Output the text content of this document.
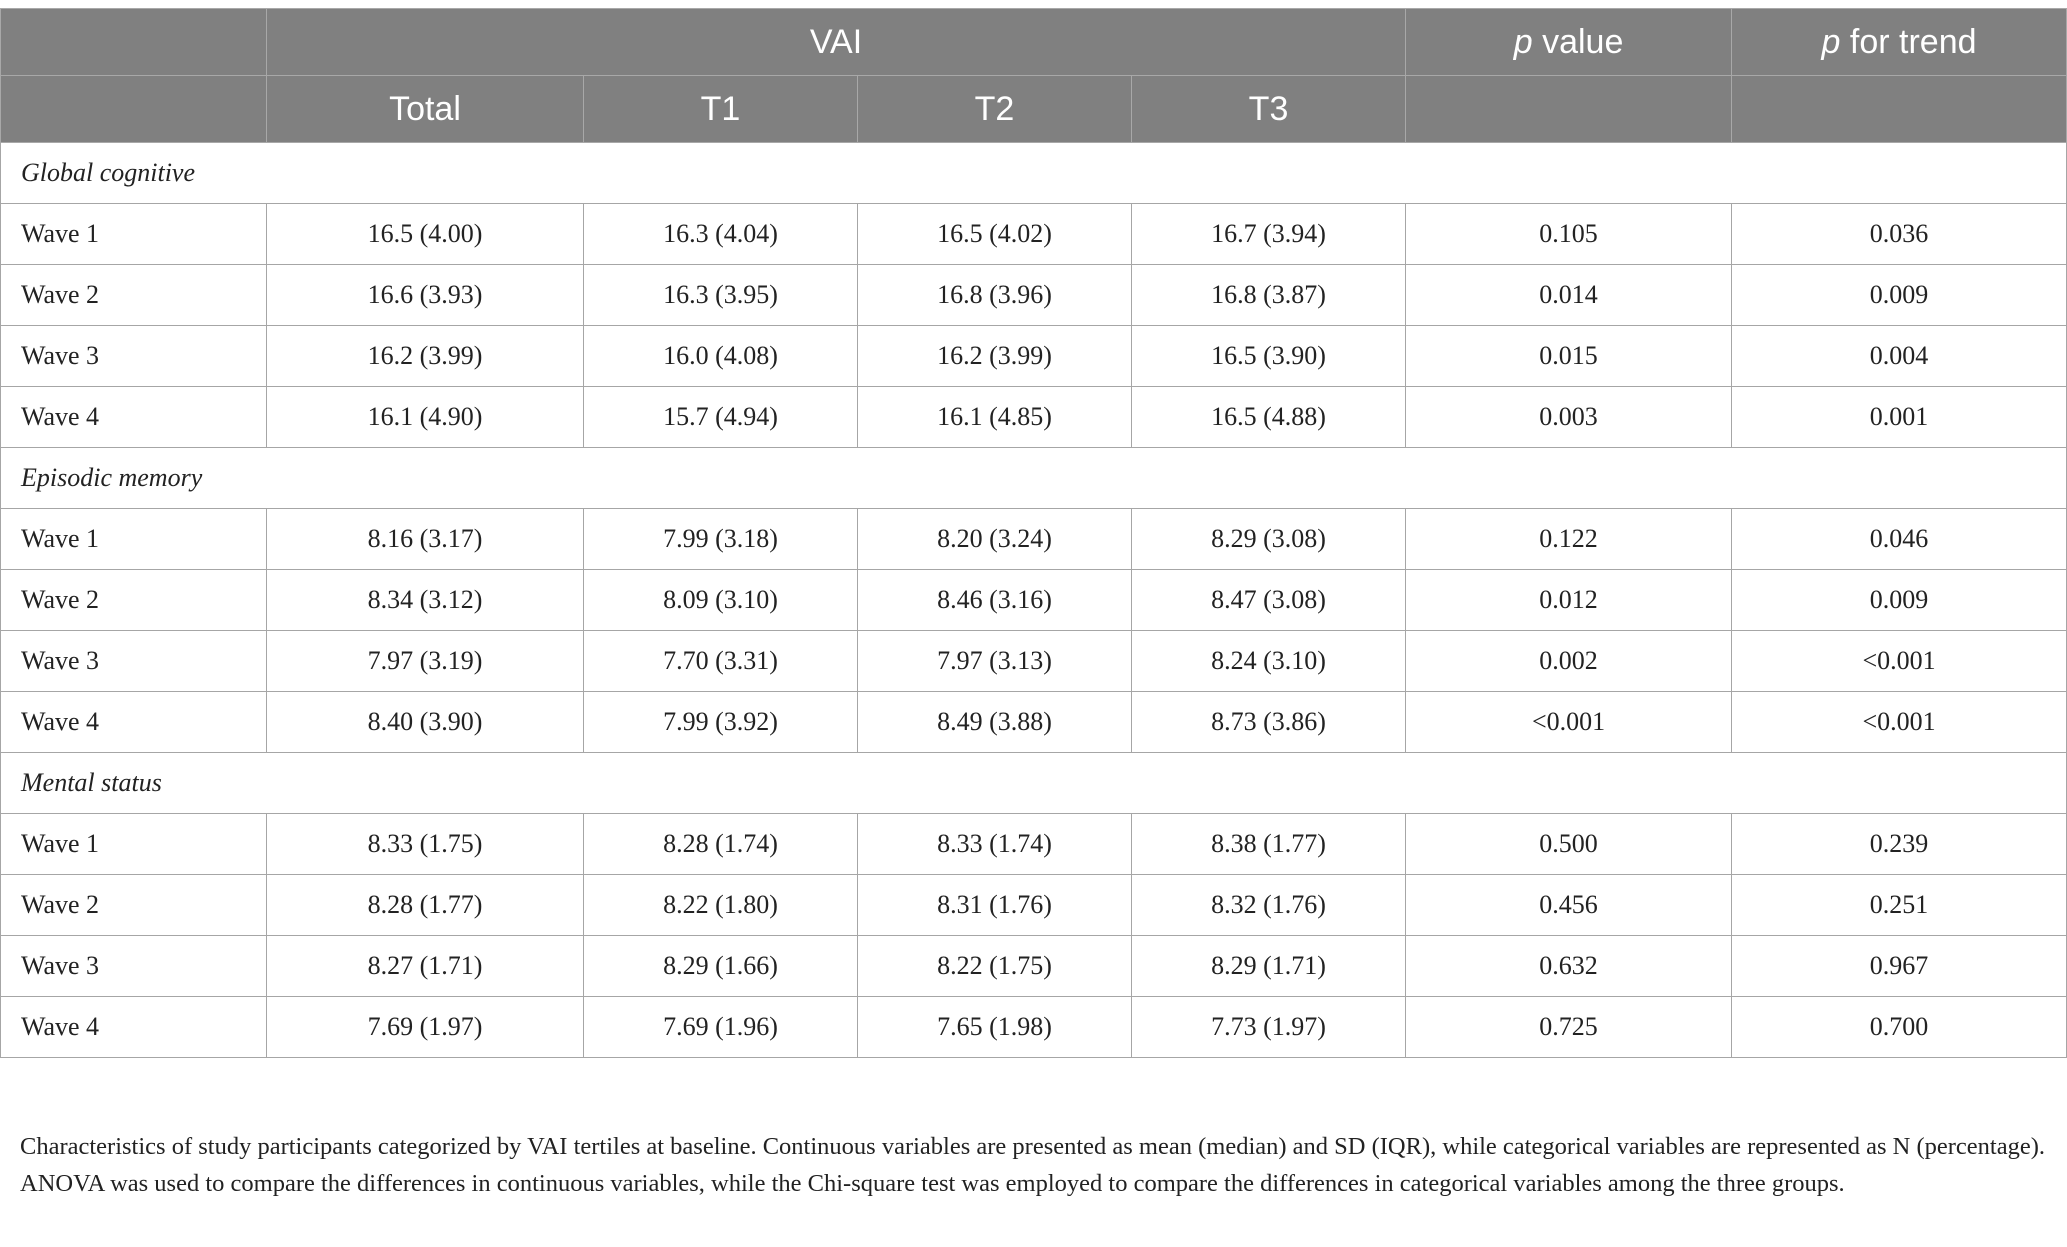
	VAI				p value	p for trend
	Total	T1	T2	T3		
Global cognitive						
Wave 1	16.5 (4.00)	16.3 (4.04)	16.5 (4.02)	16.7 (3.94)	0.105	0.036
Wave 2	16.6 (3.93)	16.3 (3.95)	16.8 (3.96)	16.8 (3.87)	0.014	0.009
Wave 3	16.2 (3.99)	16.0 (4.08)	16.2 (3.99)	16.5 (3.90)	0.015	0.004
Wave 4	16.1 (4.90)	15.7 (4.94)	16.1 (4.85)	16.5 (4.88)	0.003	0.001
Episodic memory						
Wave 1	8.16 (3.17)	7.99 (3.18)	8.20 (3.24)	8.29 (3.08)	0.122	0.046
Wave 2	8.34 (3.12)	8.09 (3.10)	8.46 (3.16)	8.47 (3.08)	0.012	0.009
Wave 3	7.97 (3.19)	7.70 (3.31)	7.97 (3.13)	8.24 (3.10)	0.002	<0.001
Wave 4	8.40 (3.90)	7.99 (3.92)	8.49 (3.88)	8.73 (3.86)	<0.001	<0.001
Mental status						
Wave 1	8.33 (1.75)	8.28 (1.74)	8.33 (1.74)	8.38 (1.77)	0.500	0.239
Wave 2	8.28 (1.77)	8.22 (1.80)	8.31 (1.76)	8.32 (1.76)	0.456	0.251
Wave 3	8.27 (1.71)	8.29 (1.66)	8.22 (1.75)	8.29 (1.71)	0.632	0.967
Wave 4	7.69 (1.97)	7.69 (1.96)	7.65 (1.98)	7.73 (1.97)	0.725	0.700
Characteristics of study participants categorized by VAI tertiles at baseline. Continuous variables are presented as mean (median) and SD (IQR), while categorical variables are represented as N (percentage). ANOVA was used to compare the differences in continuous variables, while the Chi-square test was employed to compare the differences in categorical variables among the three groups.
